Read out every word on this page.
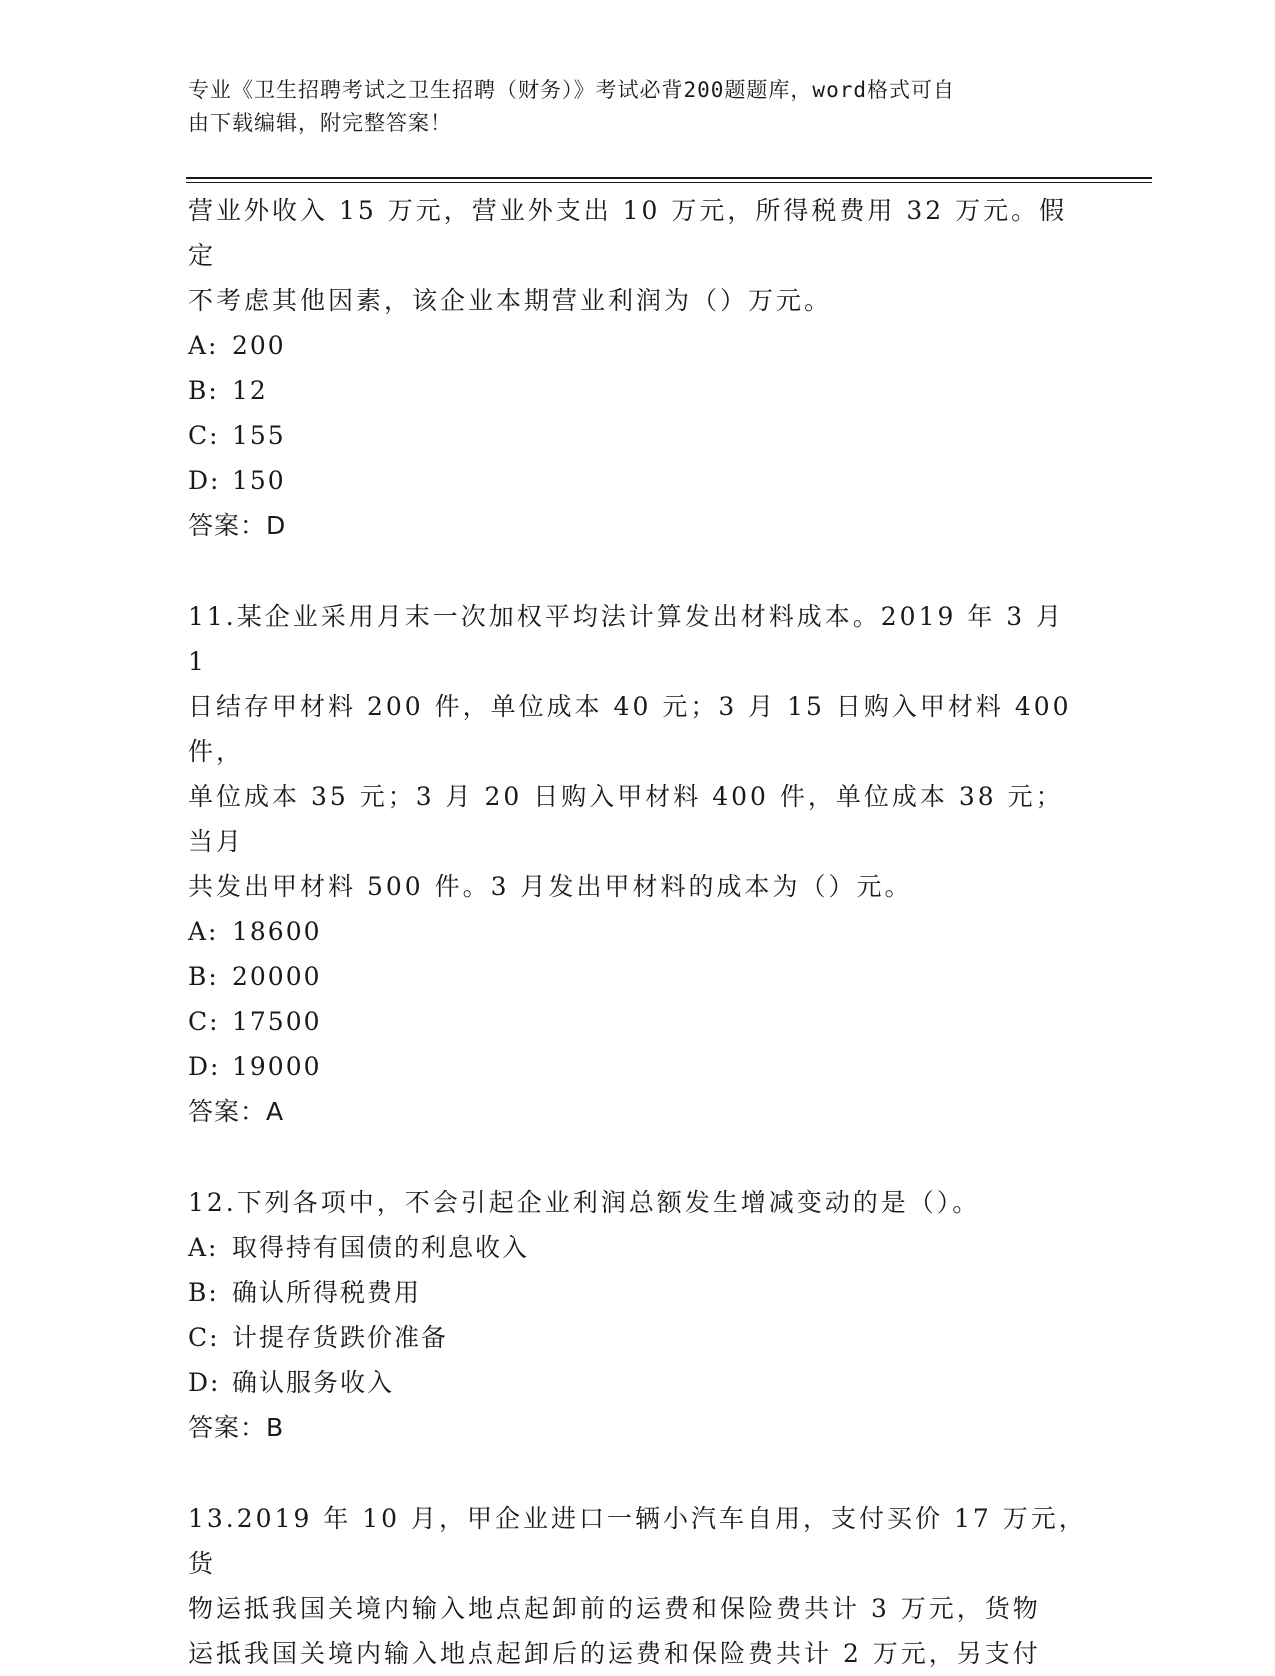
专业《卫生招聘考试之卫生招聘（财务）》考试必背200题题库，word格式可自
由下载编辑，附完整答案！

营业外收入 15 万元，营业外支出 10 万元，所得税费用 32 万元。假定

不考虑其他因素，该企业本期营业利润为（）万元。

A: 200

B: 12

C: 155

D: 150

答案：D

11.某企业采用月末一次加权平均法计算发出材料成本。2019 年 3 月 1

日结存甲材料 200 件，单位成本 40 元；3 月 15 日购入甲材料 400 件，

单位成本 35 元；3 月 20 日购入甲材料 400 件，单位成本 38 元；当月

共发出甲材料 500 件。3 月发出甲材料的成本为（）元。

A: 18600

B: 20000

C: 17500

D: 19000

答案：A

12.下列各项中，不会引起企业利润总额发生增减变动的是（）。

A: 取得持有国债的利息收入

B: 确认所得税费用

C: 计提存货跌价准备

D: 确认服务收入

答案：B

13.2019 年 10 月，甲企业进口一辆小汽车自用，支付买价 17 万元，货

物运抵我国关境内输入地点起卸前的运费和保险费共计 3 万元，货物

运抵我国关境内输入地点起卸后的运费和保险费共计 2 万元，另支付
